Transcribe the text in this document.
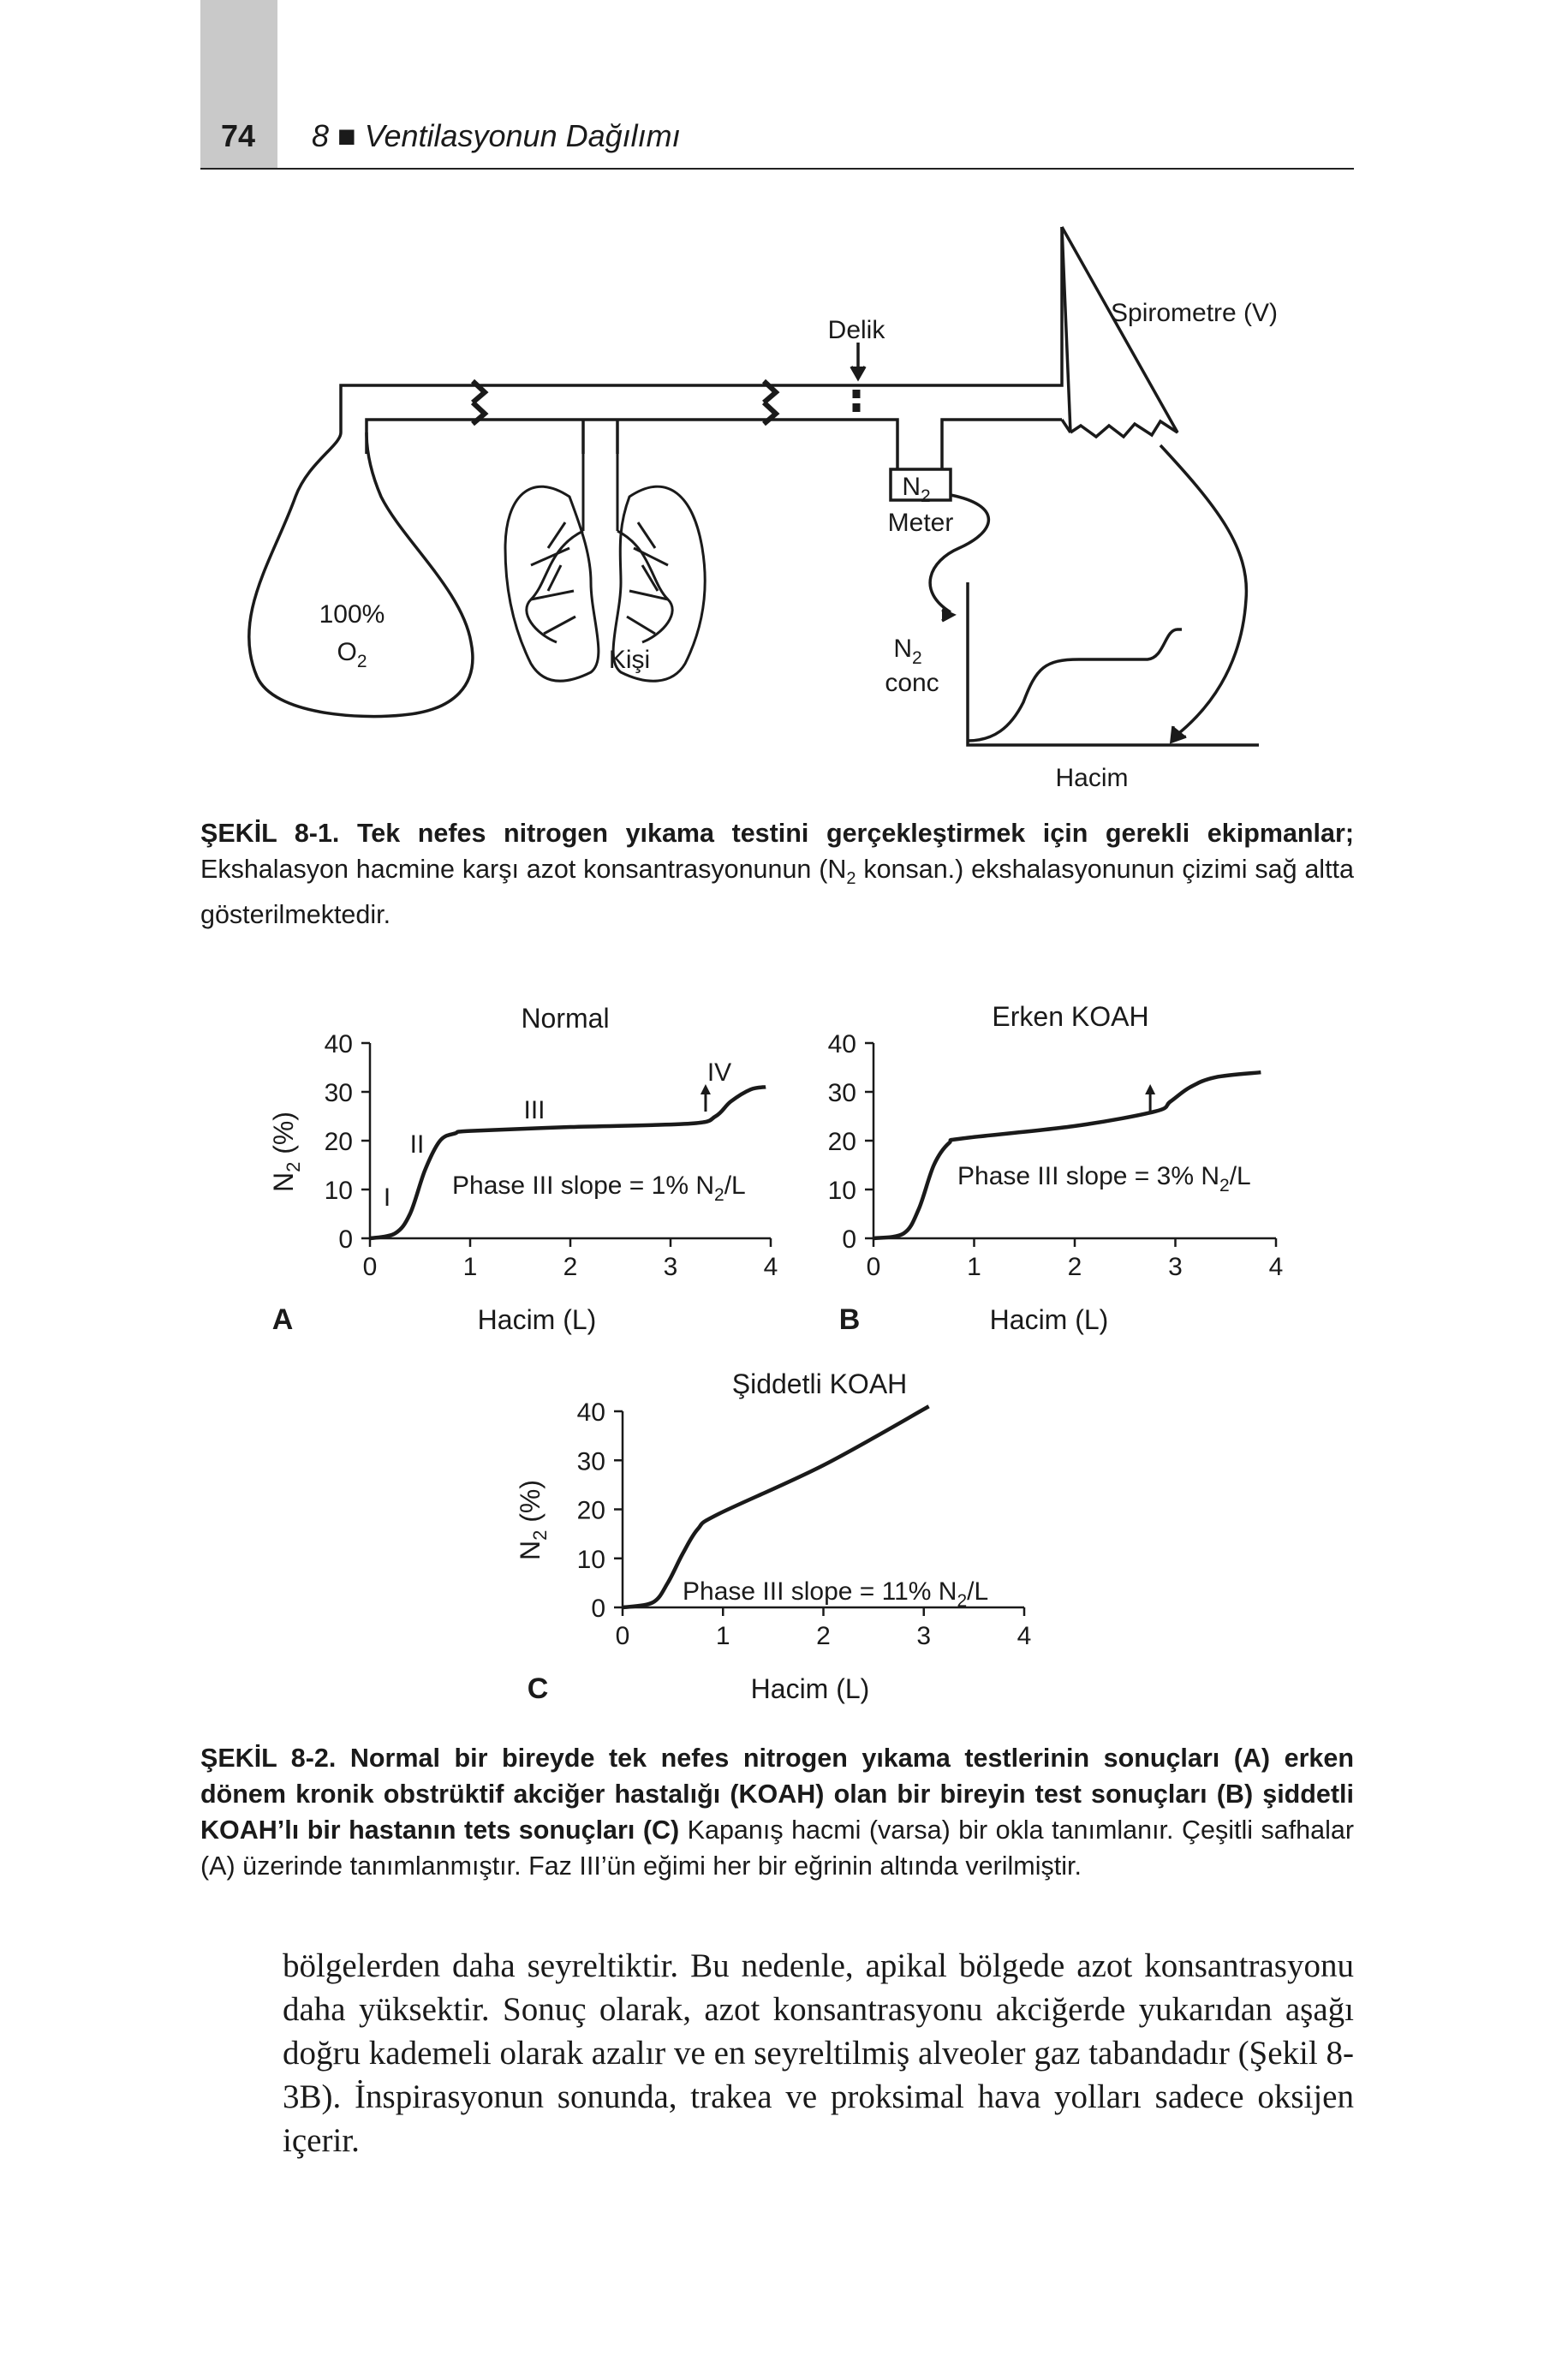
74 8 ■ Ventilasyonun Dağılımı
Delik
Spirometre (V)
$N_2$
Meter
100%
$O_2$	Kişi	$N_2$
conc
Hacim
ŞEKİL 8-1. Tek nefes nitrogen yıkama testini gerçekleştirmek için gerekli ekipmanlar; Ekshalasyon hacmine karşı azot konsantrasyonunun ($N_2$ konsan.) ekshalasyonunun çizimi sağ altta gösterilmektedir.
0	1	2	3	4
0
10
20
30
40
0	1	2	3	4
0
10
20
30
40
0	1	2	3	4
0
10
20
30
40
Normal
A	Hacim (L)
$N_2$ (%)
I
II
III
IV
Phase III slope = 1% $N_2/L$
Erken KOAH
B	Hacim (L)
Phase III slope = 3% $N_2/L$
Şiddetli KOAH
C	Hacim (L)
$N_2$ (%)
Phase III slope = 11% $N_2/L$
ŞEKİL 8-2. Normal bir bireyde tek nefes nitrogen yıkama testlerinin sonuçları (A) erken dönem kronik obstrüktif akciğer hastalığı (KOAH) olan bir bireyin test sonuçları (B) şiddetli KOAH’lı bir hastanın tets sonuçları (C) Kapanış hacmi (varsa) bir okla tanımlanır. Çeşitli safhalar (A) üzerinde tanımlanmıştır. Faz III’ün eğimi her bir eğrinin altında verilmiştir.
bölgelerden daha seyreltiktir. Bu nedenle, apikal bölgede azot konsantrasyonu daha yüksektir. Sonuç olarak, azot konsantrasyonu akciğerde yukarıdan aşağı doğru kademeli olarak azalır ve en seyreltilmiş alveoler gaz tabandadır (Şekil 8-3B). İnspirasyonun sonunda, trakea ve proksimal hava yolları sadece oksijen içerir.
